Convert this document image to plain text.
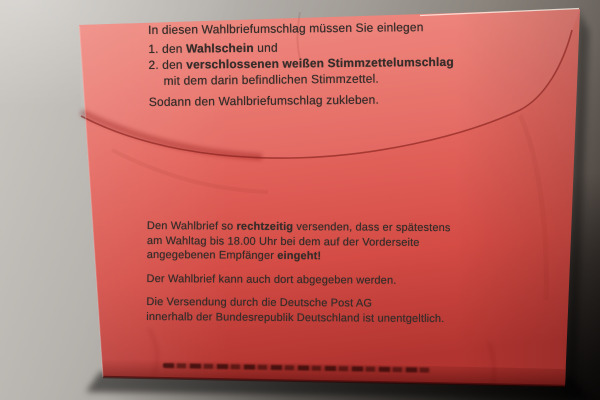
In diesen Wahlbriefumschlag müssen Sie einlegen
1. den Wahlschein und
2. den verschlossenen weißen Stimmzettelumschlag
mit dem darin befindlichen Stimmzettel.
Sodann den Wahlbriefumschlag zukleben.
Den Wahlbrief so rechtzeitig versenden, dass er spätestens
am Wahltag bis 18.00 Uhr bei dem auf der Vorderseite
angegebenen Empfänger eingeht!
Der Wahlbrief kann auch dort abgegeben werden.
Die Versendung durch die Deutsche Post AG
innerhalb der Bundesrepublik Deutschland ist unentgeltlich.
